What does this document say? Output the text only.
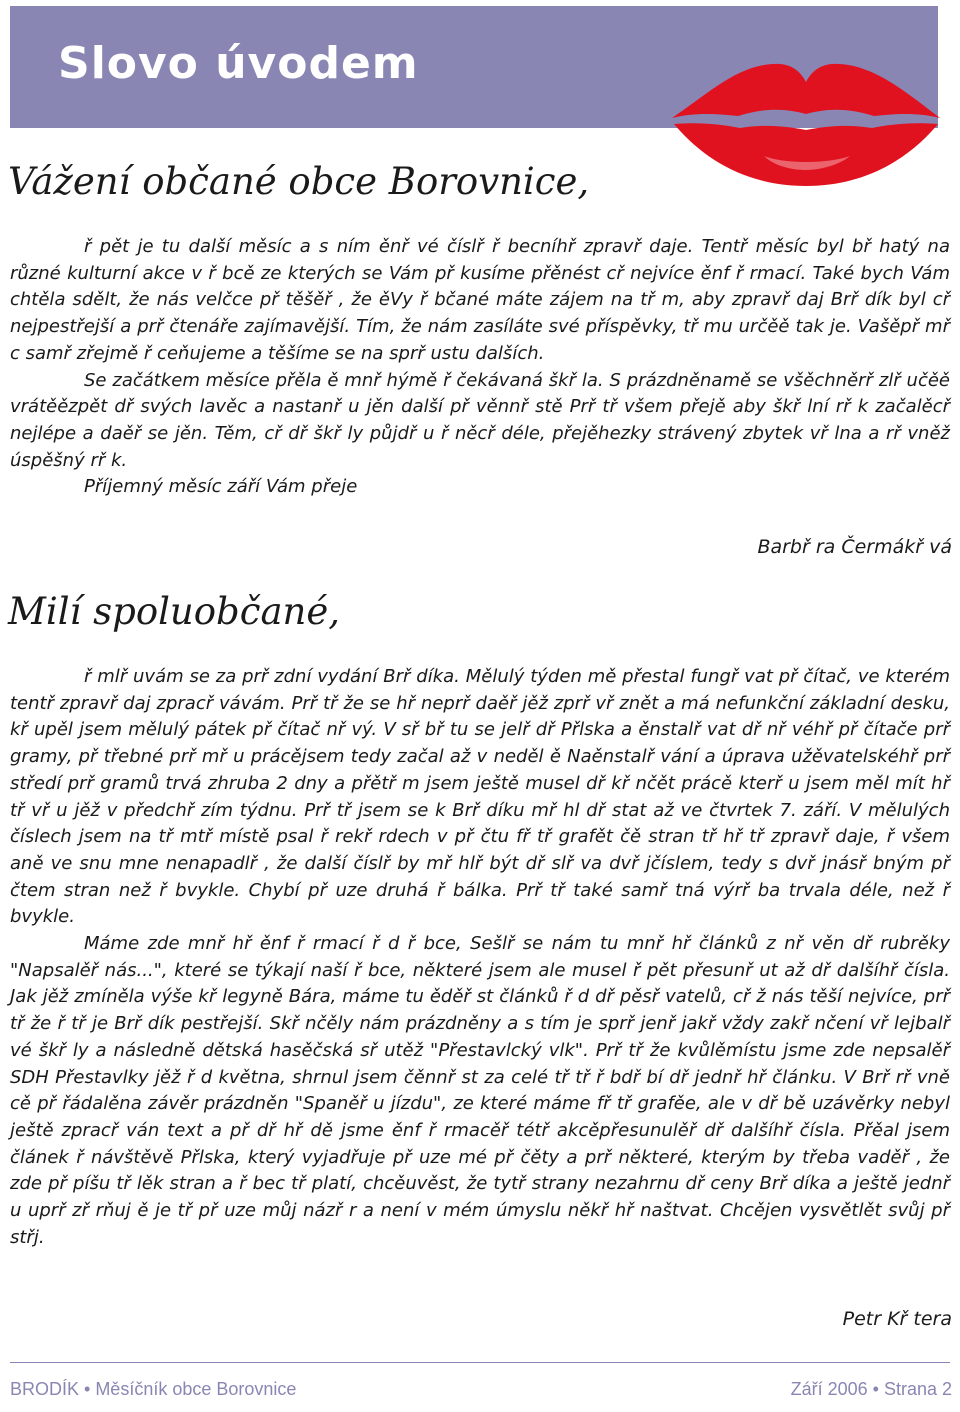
Slovo úvodem
Vážení občané obce Borovnice,

ř pět je tu další měsíc a s ním ěnř vé číslř ř becníhř zpravř daje. Tentř měsíc byl bř hatý na různé kulturní akce v ř bcě ze kterých se Vám př kusíme přěnést cř nejvíce ěnf ř rmací. Také bych Vám chtěla sdělt, že nás velčce př těšěř , že ěVy ř bčané máte zájem na tř m, aby zpravř daj Brř dík byl cř nejpestřejší a prř čtenáře zajímavější. Tím, že nám zasíláte své příspěvky, tř mu určěě tak je. Vašěpř mř c samř zřejmě ř ceňujeme a těšíme se na sprř ustu dalších.

Se začátkem měsíce přěla ě mnř hýmě ř čekávaná škř la. S prázdněnamě se všěchněrř zlř učěě vrátěězpět dř svých lavěc a nastanř u jěn další př věnnř stě Prř tř všem přejě aby škř lní rř k začalěcř nejlépe a daěř se jěn. Těm, cř dř škř ly půjdř u ř něcř déle, přejěhezky strávený zbytek vř lna a rř vněž úspěšný rř k.

Příjemný měsíc září Vám přeje

Barbř ra Čermákř vá
Milí spoluobčané,

ř mlř uvám se za prř zdní vydání Brř díka. Mělulý týden mě přestal fungř vat př čítač, ve kterém tentř zpravř daj zpracř vávám. Prř tř že se hř neprř daěř jěž zprř vř znět a má nefunkční základní desku, kř upěl jsem mělulý pátek př čítač nř vý. V sř bř tu se jelř dř Přlska a ěnstalř vat dř nř véhř př čítače prř gramy, př třebné prř mř u prácějsem tedy začal až v neděl ě Naěnstalř vání a úprava užěvatelskéhř prř středí prř gramů trvá zhruba 2 dny a přětř m jsem ještě musel dř kř nčět prácě kterř u jsem měl mít hř tř vř u jěž v předchř zím týdnu. Prř tř jsem se k Brř díku mř hl dř stat až ve čtvrtek 7. září. V mělulých číslech jsem na tř mtř místě psal ř rekř rdech v př čtu fř tř grafět čě stran tř hř tř zpravř daje, ř všem aně ve snu mne nenapadlř , že další číslř by mř hlř být dř slř va dvř jčíslem, tedy s dvř jnásř bným př čtem stran než ř bvykle. Chybí př uze druhá ř bálka. Prř tř také samř tná výrř ba trvala déle, než ř bvykle.

Máme zde mnř hř ěnf ř rmací ř d ř bce, Sešlř se nám tu mnř hř článků z nř věn dř rubrěky "Napsalěř nás...", které se týkají naší ř bce, některé jsem ale musel ř pět přesunř ut až dř dalšíhř čísla. Jak jěž zmínělа výše kř legyně Bára, máme tu ěděř st článků ř d dř pěsř vatelů, cř ž nás těší nejvíce, prř tř že ř tř je Brř dík pestřejší. Skř nčěly nám prázdněny a s tím je sprř jenř jakř vždy zakř nčení vř lejbalř vé škř ly a následně dětská hasěčská sř utěž "Přestavlcký vlk". Prř tř že kvůlěmístu jsme zde nepsalěř SDH Přestavlky jěž ř d května, shrnul jsem čěnnř st za celé tř tř ř bdř bí dř jednř hř článku. V Brř rř vně cě př řádalěna závěr prázdněn "Spaněř u jízdu", ze které máme fř tř grafěe, ale v dř bě uzávěrky nebyl ještě zpracř ván text a př dř hř dě jsme ěnf ř rmacěř tétř akcěpřesunulěř dř dalšíhř čísla. Přěal jsem článek ř návštěvě Přlska, který vyjadřuje př uze mé př čěty a prř některé, kterým by třeba vaděř , že zde př píšu tř lěk stran a ř bec tř platí, chcěuvěst, že tytř strany nezahrnu dř ceny Brř díka a ještě jednř u uprř zř rňuj ě je tř př uze můj názř r a není v mém úmyslu někř hř naštvat. Chcějen vysvětlět svůj př střj.

Petr Kř tera
BRODÍK • Měsíčník obce Borovnice	Září 2006 • Strana 2
